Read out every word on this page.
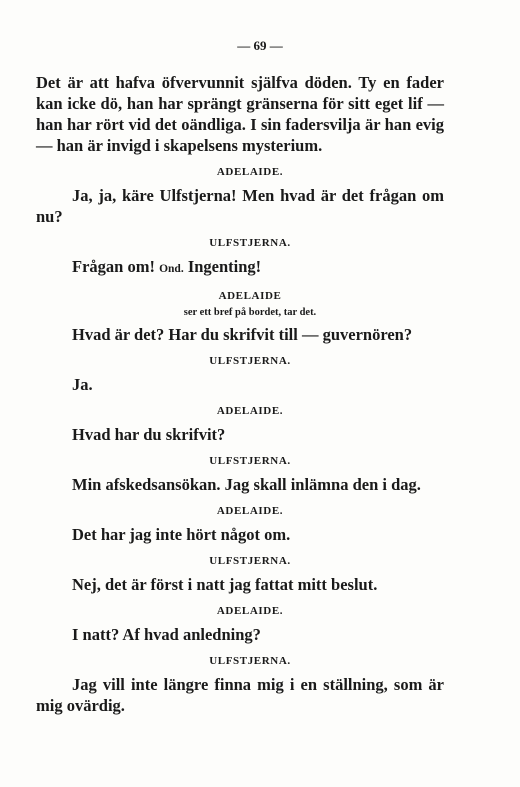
— 69 —

Det är att hafva öfvervunnit själfva döden. Ty en fader kan icke dö, han har sprängt gränserna för sitt eget lif — han har rört vid det oändliga. I sin fadersvilja är han evig — han är invigd i skapelsens mysterium.

ADELAIDE.

Ja, ja, käre Ulfstjerna! Men hvad är det frågan om nu?

ULFSTJERNA.

Frågan om! Ond. Ingenting!

ADELAIDE
ser ett bref på bordet, tar det.

Hvad är det? Har du skrifvit till — guvernören?

ULFSTJERNA.

Ja.

ADELAIDE.

Hvad har du skrifvit?

ULFSTJERNA.

Min afskedsansökan. Jag skall inlämna den i dag.

ADELAIDE.

Det har jag inte hört något om.

ULFSTJERNA.

Nej, det är först i natt jag fattat mitt beslut.

ADELAIDE.

I natt? Af hvad anledning?

ULFSTJERNA.

Jag vill inte längre finna mig i en ställning, som är mig ovärdig.
